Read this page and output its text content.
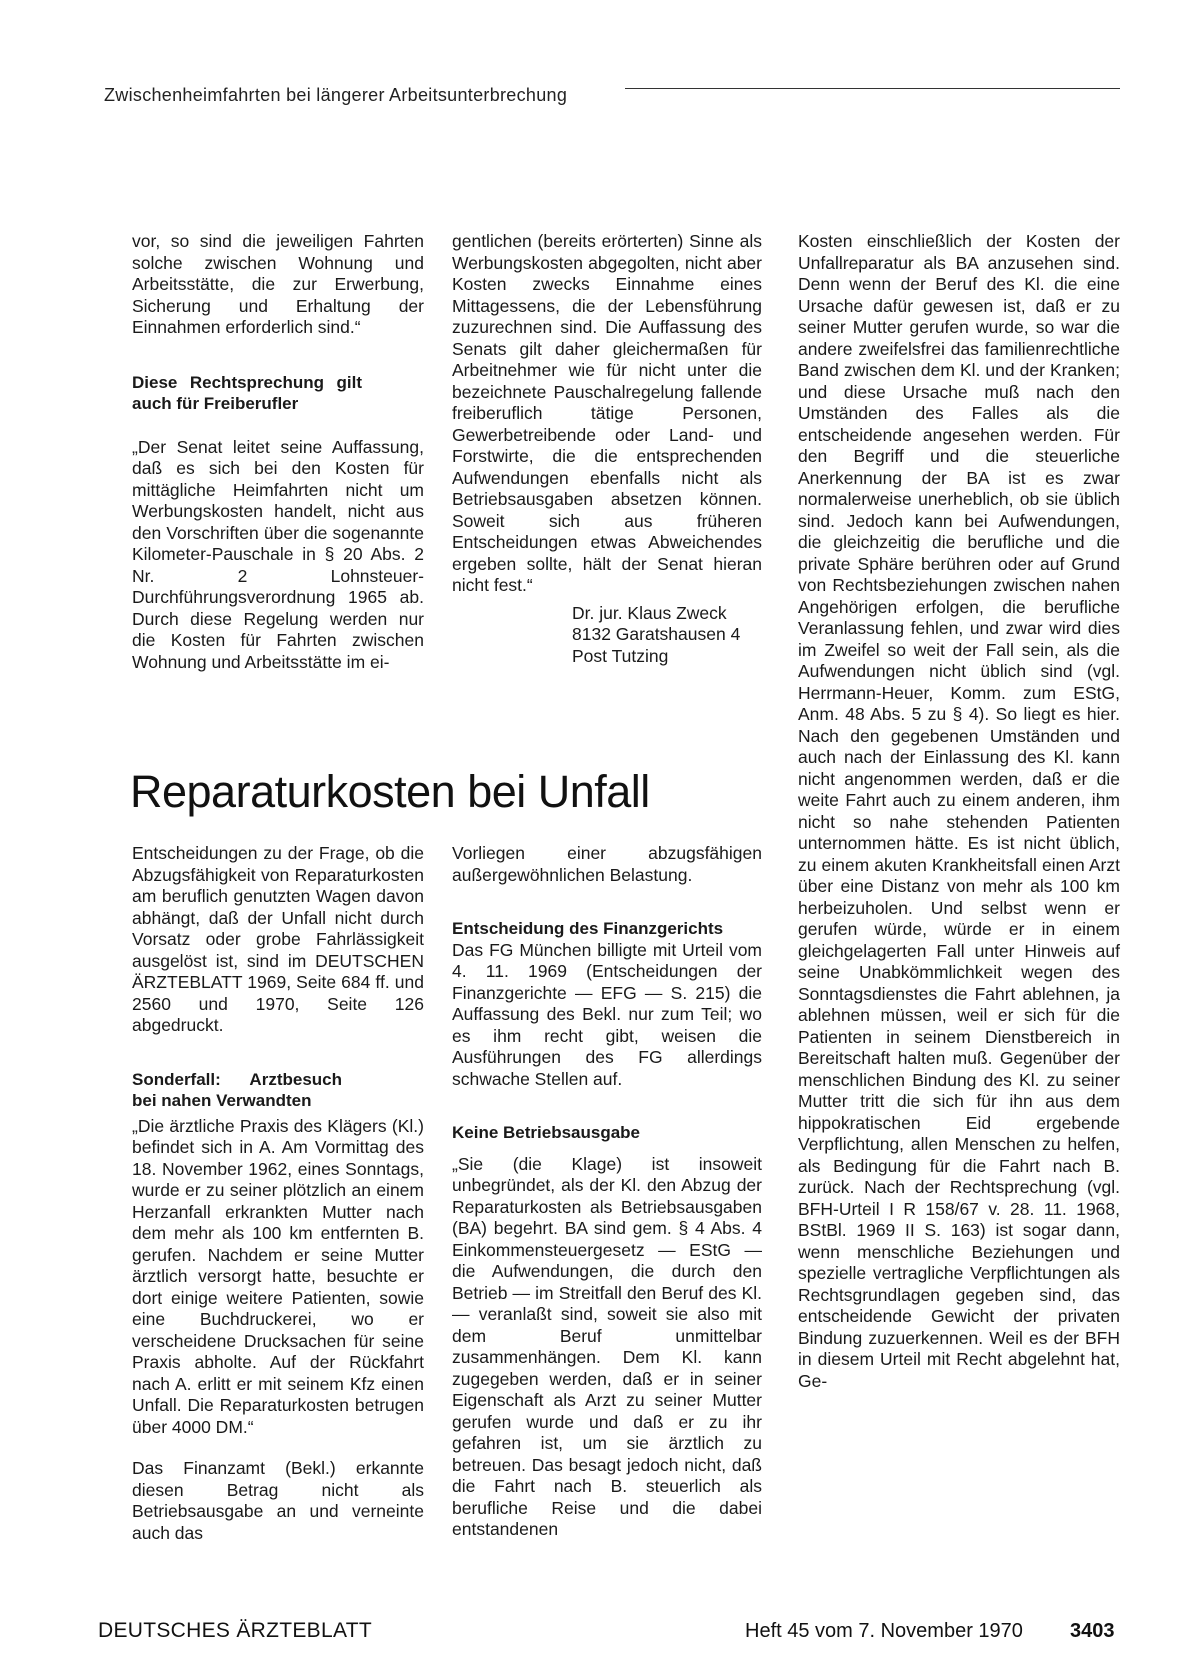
Zwischenheimfahrten bei längerer Arbeitsunterbrechung

vor, so sind die jeweiligen Fahrten solche zwischen Wohnung und Arbeitsstätte, die zur Erwerbung, Sicherung und Erhaltung der Einnahmen erforderlich sind.“

Diese Rechtsprechung gilt auch für Freiberufler

„Der Senat leitet seine Auffassung, daß es sich bei den Kosten für mittägliche Heimfahrten nicht um Werbungskosten handelt, nicht aus den Vorschriften über die sogenannte Kilometer-Pauschale in § 20 Abs. 2 Nr. 2 Lohnsteuer-Durchführungsverordnung 1965 ab. Durch diese Regelung werden nur die Kosten für Fahrten zwischen Wohnung und Arbeitsstätte im ei-

gentlichen (bereits erörterten) Sinne als Werbungskosten abgegolten, nicht aber Kosten zwecks Einnahme eines Mittagessens, die der Lebensführung zuzurechnen sind. Die Auffassung des Senats gilt daher gleichermaßen für Arbeitnehmer wie für nicht unter die bezeichnete Pauschalregelung fallende freiberuflich tätige Personen, Gewerbetreibende oder Land- und Forstwirte, die die entsprechenden Aufwendungen ebenfalls nicht als Betriebsausgaben absetzen können. Soweit sich aus früheren Entscheidungen etwas Abweichendes ergeben sollte, hält der Senat hieran nicht fest.“

Dr. jur. Klaus Zweck
8132 Garatshausen 4
Post Tutzing
Reparaturkosten bei Unfall

Entscheidungen zu der Frage, ob die Abzugsfähigkeit von Reparaturkosten am beruflich genutzten Wagen davon abhängt, daß der Unfall nicht durch Vorsatz oder grobe Fahrlässigkeit ausgelöst ist, sind im DEUTSCHEN ÄRZTEBLATT 1969, Seite 684 ff. und 2560 und 1970, Seite 126 abgedruckt.

Sonderfall: Arztbesuch bei nahen Verwandten

„Die ärztliche Praxis des Klägers (Kl.) befindet sich in A. Am Vormittag des 18. November 1962, eines Sonntags, wurde er zu seiner plötzlich an einem Herzanfall erkrankten Mutter nach dem mehr als 100 km entfernten B. gerufen. Nachdem er seine Mutter ärztlich versorgt hatte, besuchte er dort einige weitere Patienten, sowie eine Buchdruckerei, wo er verscheidene Drucksachen für seine Praxis abholte. Auf der Rückfahrt nach A. erlitt er mit seinem Kfz einen Unfall. Die Reparaturkosten betrugen über 4000 DM.“

Das Finanzamt (Bekl.) erkannte diesen Betrag nicht als Betriebsausgabe an und verneinte auch das

Vorliegen einer abzugsfähigen außergewöhnlichen Belastung.

Entscheidung des Finanzgerichts

Das FG München billigte mit Urteil vom 4. 11. 1969 (Entscheidungen der Finanzgerichte — EFG — S. 215) die Auffassung des Bekl. nur zum Teil; wo es ihm recht gibt, weisen die Ausführungen des FG allerdings schwache Stellen auf.

Keine Betriebsausgabe

„Sie (die Klage) ist insoweit unbegründet, als der Kl. den Abzug der Reparaturkosten als Betriebsausgaben (BA) begehrt. BA sind gem. § 4 Abs. 4 Einkommensteuergesetz — EStG — die Aufwendungen, die durch den Betrieb — im Streitfall den Beruf des Kl. — veranlaßt sind, soweit sie also mit dem Beruf unmittelbar zusammenhängen. Dem Kl. kann zugegeben werden, daß er in seiner Eigenschaft als Arzt zu seiner Mutter gerufen wurde und daß er zu ihr gefahren ist, um sie ärztlich zu betreuen. Das besagt jedoch nicht, daß die Fahrt nach B. steuerlich als berufliche Reise und die dabei entstandenen

Kosten einschließlich der Kosten der Unfallreparatur als BA anzusehen sind. Denn wenn der Beruf des Kl. die eine Ursache dafür gewesen ist, daß er zu seiner Mutter gerufen wurde, so war die andere zweifelsfrei das familienrechtliche Band zwischen dem Kl. und der Kranken; und diese Ursache muß nach den Umständen des Falles als die entscheidende angesehen werden. Für den Begriff und die steuerliche Anerkennung der BA ist es zwar normalerweise unerheblich, ob sie üblich sind. Jedoch kann bei Aufwendungen, die gleichzeitig die berufliche und die private Sphäre berühren oder auf Grund von Rechtsbeziehungen zwischen nahen Angehörigen erfolgen, die berufliche Veranlassung fehlen, und zwar wird dies im Zweifel so weit der Fall sein, als die Aufwendungen nicht üblich sind (vgl. Herrmann-Heuer, Komm. zum EStG, Anm. 48 Abs. 5 zu § 4). So liegt es hier. Nach den gegebenen Umständen und auch nach der Einlassung des Kl. kann nicht angenommen werden, daß er die weite Fahrt auch zu einem anderen, ihm nicht so nahe stehenden Patienten unternommen hätte. Es ist nicht üblich, zu einem akuten Krankheitsfall einen Arzt über eine Distanz von mehr als 100 km herbeizuholen. Und selbst wenn er gerufen würde, würde er in einem gleichgelagerten Fall unter Hinweis auf seine Unabkömmlichkeit wegen des Sonntagsdienstes die Fahrt ablehnen, ja ablehnen müssen, weil er sich für die Patienten in seinem Dienstbereich in Bereitschaft halten muß. Gegenüber der menschlichen Bindung des Kl. zu seiner Mutter tritt die sich für ihn aus dem hippokratischen Eid ergebende Verpflichtung, allen Menschen zu helfen, als Bedingung für die Fahrt nach B. zurück. Nach der Rechtsprechung (vgl. BFH-Urteil I R 158/67 v. 28. 11. 1968, BStBl. 1969 II S. 163) ist sogar dann, wenn menschliche Beziehungen und spezielle vertragliche Verpflichtungen als Rechtsgrundlagen gegeben sind, das entscheidende Gewicht der privaten Bindung zuzuerkennen. Weil es der BFH in diesem Urteil mit Recht abgelehnt hat, Ge-

DEUTSCHES ÄRZTEBLATT	Heft 45 vom 7. November 1970 3403
